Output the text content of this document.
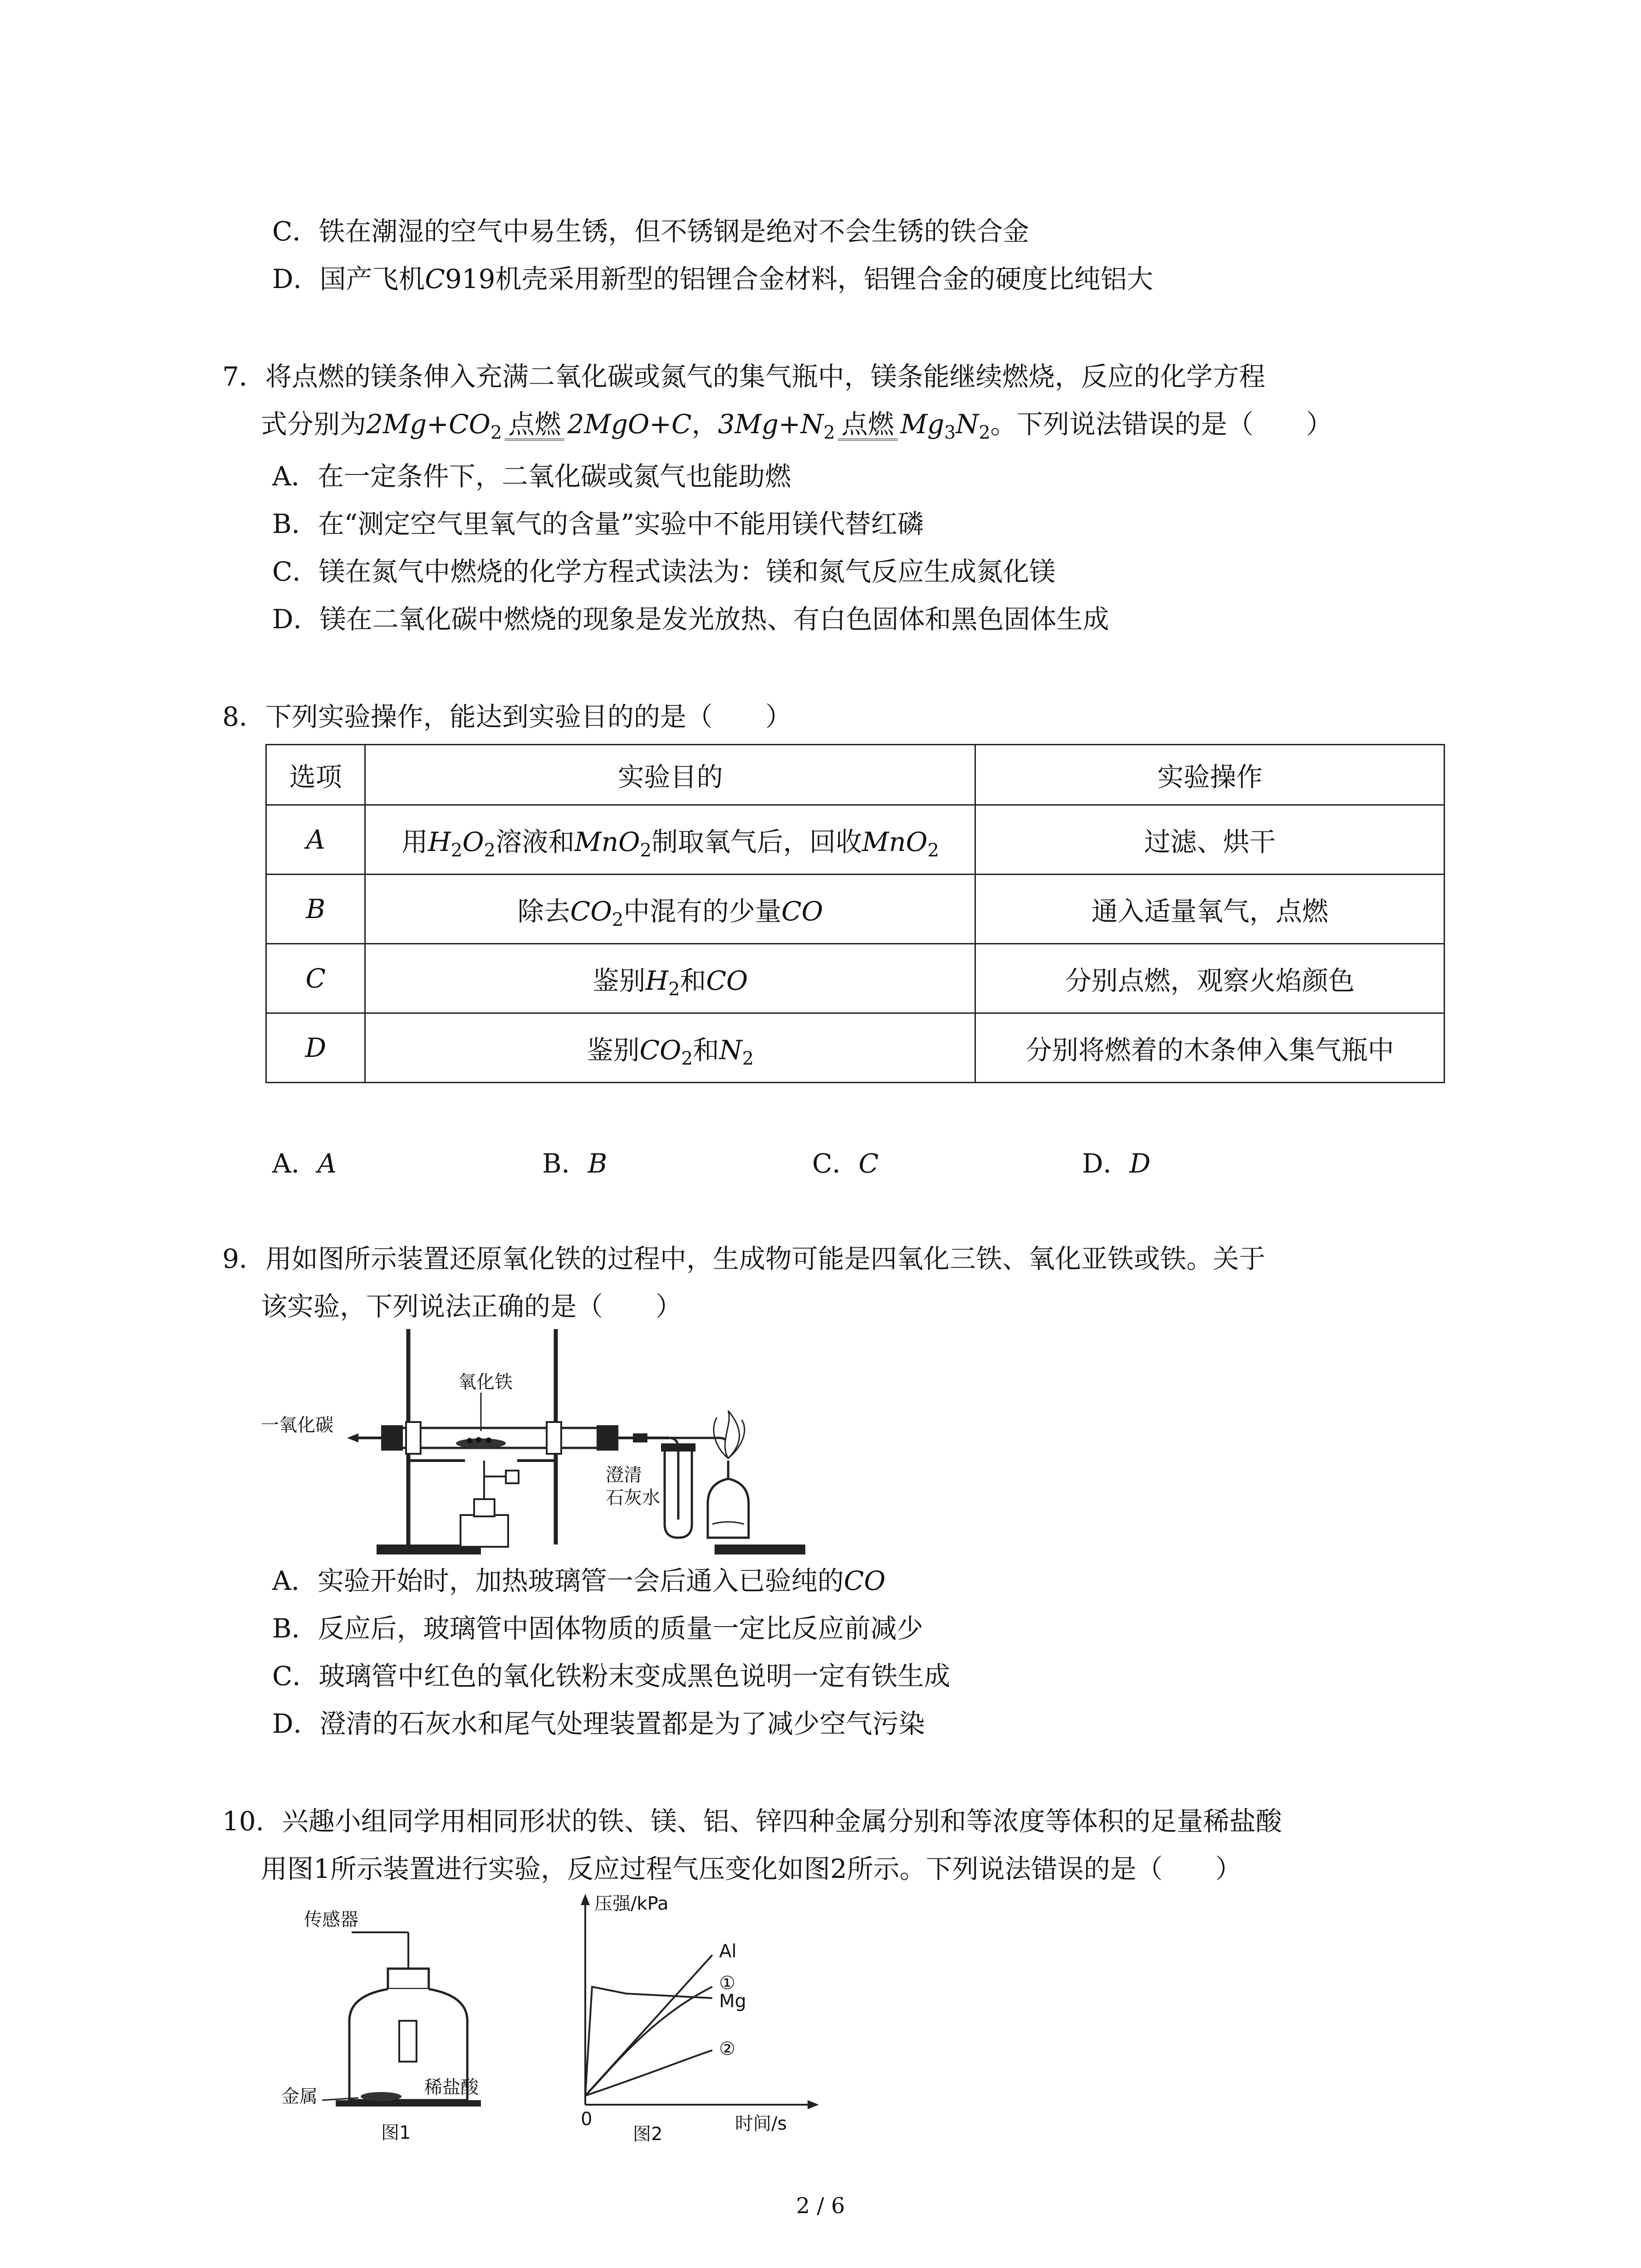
C．铁在潮湿的空气中易生锈，但不锈钢是绝对不会生锈的铁合金
D．国产飞机C919机壳采用新型的铝锂合金材料，铝锂合金的硬度比纯铝大
7．将点燃的镁条伸入充满二氧化碳或氮气的集气瓶中，镁条能继续燃烧，反应的化学方程
式分别为$2Mg+CO_2$ 点燃 2MgO+C，$3Mg+N_2$ 点燃 $Mg_3N_2$。下列说法错误的是（　　）
A．在一定条件下，二氧化碳或氮气也能助燃
B．在“测定空气里氧气的含量”实验中不能用镁代替红磷
C．镁在氮气中燃烧的化学方程式读法为：镁和氮气反应生成氮化镁
D．镁在二氧化碳中燃烧的现象是发光放热、有白色固体和黑色固体生成
8．下列实验操作，能达到实验目的的是（　　）
选项	实验目的	实验操作
A	用$H_2O_2$溶液和MnO$_2$制取氧气后，回收MnO$_2$	过滤、烘干
B	除去$CO_2$中混有的少量CO	通入适量氧气，点燃
C	鉴别$H_2$和CO	分别点燃，观察火焰颜色
D	鉴别$CO_2$和$N_2$	分别将燃着的木条伸入集气瓶中
A．A	B．B	C．C	D．D
9．用如图所示装置还原氧化铁的过程中，生成物可能是四氧化三铁、氧化亚铁或铁。关于
该实验，下列说法正确的是（　　）
氧化铁
一氧化碳
澄清
石灰水
A．实验开始时，加热玻璃管一会后通入已验纯的CO
B．反应后，玻璃管中固体物质的质量一定比反应前减少
C．玻璃管中红色的氧化铁粉末变成黑色说明一定有铁生成
D．澄清的石灰水和尾气处理装置都是为了减少空气污染
10．兴趣小组同学用相同形状的铁、镁、铝、锌四种金属分别和等浓度等体积的足量稀盐酸
用图1所示装置进行实验，反应过程气压变化如图2所示。下列说法错误的是（　　）
传感器
金属	稀盐酸
图1
压强/kPa
时间/s
0
Al
①
Mg
②
图2
2 / 6
